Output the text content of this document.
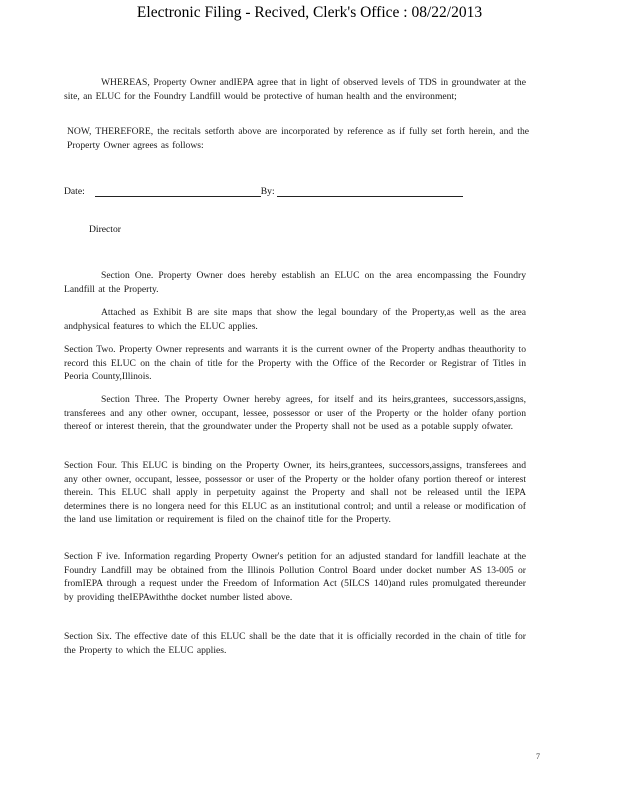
Electronic Filing - Recived, Clerk's Office : 08/22/2013
WHEREAS, Property Owner andIEPA agree that in light of observed levels of TDS in groundwater at the site, an ELUC for the Foundry Landfill would be protective of human health and the environment;
NOW, THEREFORE, the recitals setforth above are incorporated by reference as if fully set forth herein, and the Property Owner agrees as follows:
Date:	By:
Director
Section One. Property Owner does hereby establish an ELUC on the area encompassing the Foundry Landfill at the Property.
Attached as Exhibit B are site maps that show the legal boundary of the Property,as well as the area andphysical features to which the ELUC applies.
Section Two. Property Owner represents and warrants it is the current owner of the Property andhas theauthority to record this ELUC on the chain of title for the Property with the Office of the Recorder or Registrar of Titles in Peoria County,Illinois.
Section Three. The Property Owner hereby agrees, for itself and its heirs,grantees, successors,assigns, transferees and any other owner, occupant, lessee, possessor or user of the Property or the holder ofany portion thereof or interest therein, that the groundwater under the Property shall not be used as a potable supply ofwater.
Section Four. This ELUC is binding on the Property Owner, its heirs,grantees, successors,assigns, transferees and any other owner, occupant, lessee, possessor or user of the Property or the holder ofany portion thereof or interest therein. This ELUC shall apply in perpetuity against the Property and shall not be released until the IEPA determines there is no longera need for this ELUC as an institutional control; and until a release or modification of the land use limitation or requirement is filed on the chainof title for the Property.
Section F ive. Information regarding Property Owner's petition for an adjusted standard for landfill leachate at the Foundry Landfill may be obtained from the Illinois Pollution Control Board under docket number AS 13-005 or fromIEPA through a request under the Freedom of Information Act (5ILCS 140)and rules promulgated thereunder by providing theIEPAwiththe docket number listed above.
Section Six. The effective date of this ELUC shall be the date that it is officially recorded in the chain of title for the Property to which the ELUC applies.
7
